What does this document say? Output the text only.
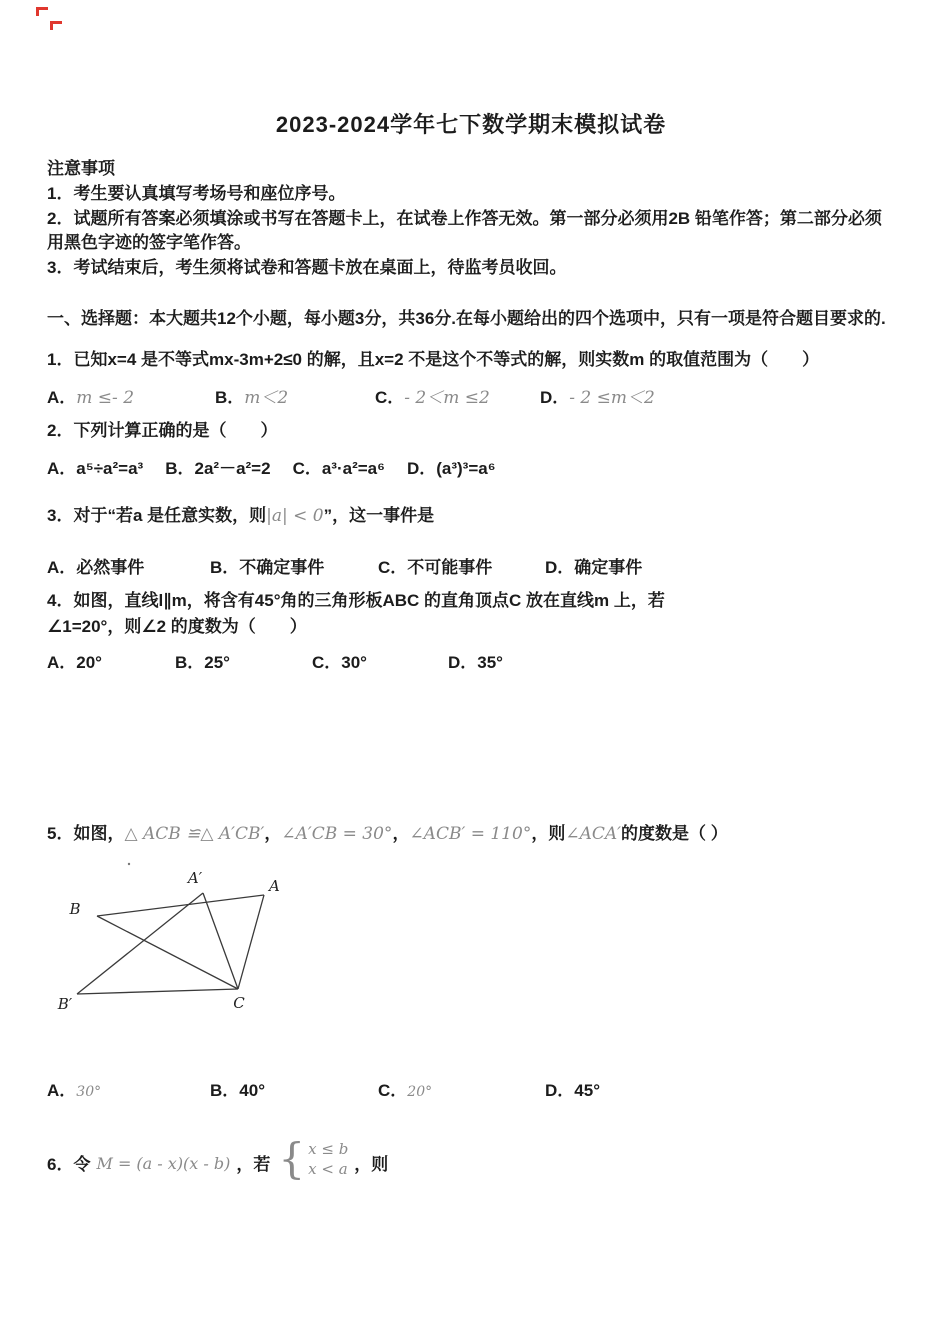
2023-2024学年七下数学期末模拟试卷
注意事项
1．考生要认真填写考场号和座位序号。
2．试题所有答案必须填涂或书写在答题卡上，在试卷上作答无效。第一部分必须用2B 铅笔作答；第二部分必须用黑色字迹的签字笔作答。
3．考试结束后，考生须将试卷和答题卡放在桌面上，待监考员收回。
一、选择题：本大题共12个小题，每小题3分，共36分.在每小题给出的四个选项中，只有一项是符合题目要求的.
1．已知x=4 是不等式mx-3m+2≤0 的解，且x=2 不是这个不等式的解，则实数m 的取值范围为（　　）
A．m ≤- 2	B．m＜2	C．- 2＜m ≤2	D．- 2 ≤m＜2
2．下列计算正确的是（　　）
A．a⁵÷a²=a³ B．2a²－a²=2 C．a³·a²=a⁶ D．(a³)³=a⁶
3．对于“若a 是任意实数，则|a| < 0”，这一事件是
A．必然事件	B．不确定事件	C．不可能事件	D．确定事件
4．如图，直线l∥m，将含有45°角的三角形板ABC 的直角顶点C 放在直线m 上，若
∠1=20°，则∠2 的度数为（　　）
A．20°	B．25°	C．30°	D．35°
5．如图，△ ACB ≌△ A′CB′，∠A′CB = 30°，∠ACB′ = 110°，则∠ACA′的度数是（ ）
A′	A
B
B′	C
A．30°	B．40°	C．20°	D．45°
6．令 M = (a - x)(x - b) ，若 { x ≤ b
x < a ，则
